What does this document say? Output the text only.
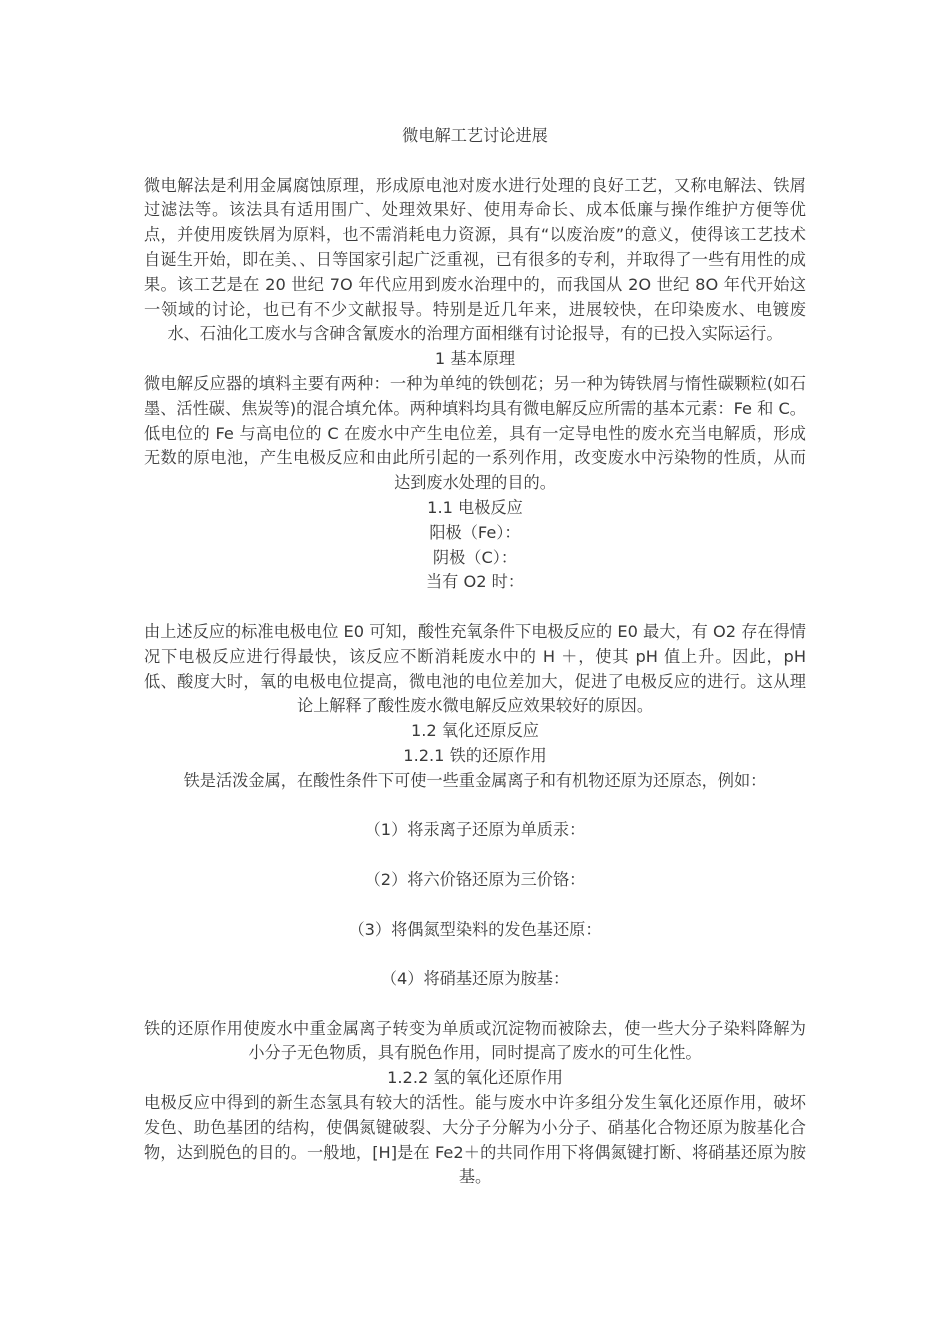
微电解工艺讨论进展

微电解法是利用金属腐蚀原理，形成原电池对废水进行处理的良好工艺，又称电解法、铁屑过滤法等。该法具有适用围广、处理效果好、使用寿命长、成本低廉与操作维护方便等优点，并使用废铁屑为原料，也不需消耗电力资源，具有“以废治废”的意义，使得该工艺技术自诞生开始，即在美、、日等国家引起广泛重视，已有很多的专利，并取得了一些有用性的成果。该工艺是在 20 世纪 7O 年代应用到废水治理中的，而我国从 2O 世纪 8O 年代开始这一领域的讨论，也已有不少文献报导。特别是近几年来，进展较快，在印染废水、电镀废水、石油化工废水与含砷含氰废水的治理方面相继有讨论报导，有的已投入实际运行。

1 基本原理

微电解反应器的填料主要有两种：一种为单纯的铁刨花；另一种为铸铁屑与惰性碳颗粒(如石墨、活性碳、焦炭等)的混合填允体。两种填料均具有微电解反应所需的基本元素：Fe 和 C。低电位的 Fe 与高电位的 C 在废水中产生电位差，具有一定导电性的废水充当电解质，形成无数的原电池，产生电极反应和由此所引起的一系列作用，改变废水中污染物的性质，从而达到废水处理的目的。

1.1 电极反应

阳极（Fe）：

阴极（C）：

当有 O2 时：

由上述反应的标准电极电位 E0 可知，酸性充氧条件下电极反应的 E0 最大，有 O2 存在得情况下电极反应进行得最快，该反应不断消耗废水中的 H ＋，使其 pH 值上升。因此，pH 低、酸度大时，氧的电极电位提高，微电池的电位差加大，促进了电极反应的进行。这从理论上解释了酸性废水微电解反应效果较好的原因。

1.2 氧化还原反应

1.2.1 铁的还原作用

铁是活泼金属，在酸性条件下可使一些重金属离子和有机物还原为还原态，例如：

（1）将汞离子还原为单质汞：

（2）将六价铬还原为三价铬：

（3）将偶氮型染料的发色基还原：

（4）将硝基还原为胺基：

铁的还原作用使废水中重金属离子转变为单质或沉淀物而被除去，使一些大分子染料降解为小分子无色物质，具有脱色作用，同时提高了废水的可生化性。

1.2.2 氢的氧化还原作用

电极反应中得到的新生态氢具有较大的活性。能与废水中许多组分发生氧化还原作用，破坏发色、助色基团的结构，使偶氮键破裂、大分子分解为小分子、硝基化合物还原为胺基化合物，达到脱色的目的。一般地，[H]是在 Fe2＋的共同作用下将偶氮键打断、将硝基还原为胺基。
